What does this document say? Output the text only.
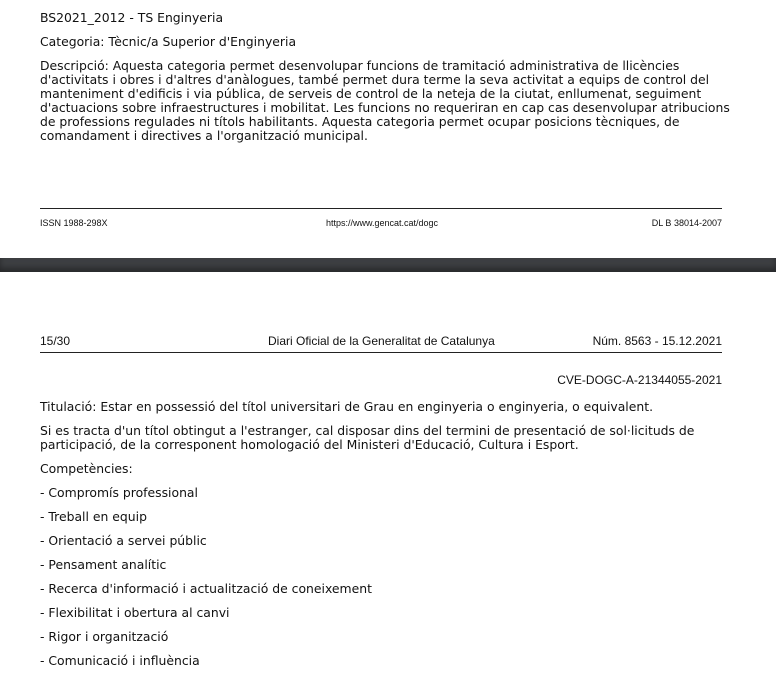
BS2021_2012 - TS Enginyeria
Categoria: Tècnic/a Superior d'Enginyeria
Descripció: Aquesta categoria permet desenvolupar funcions de tramitació administrativa de llicències
d'activitats i obres i d'altres d'anàlogues, també permet dura terme la seva activitat a equips de control del
manteniment d'edificis i via pública, de serveis de control de la neteja de la ciutat, enllumenat, seguiment
d'actuacions sobre infraestructures i mobilitat. Les funcions no requeriran en cap cas desenvolupar atribucions
de professions regulades ni títols habilitants. Aquesta categoria permet ocupar posicions tècniques, de
comandament i directives a l'organització municipal.
ISSN 1988-298X	https://www.gencat.cat/dogc	DL B 38014-2007
15/30	Diari Oficial de la Generalitat de Catalunya	Núm. 8563 - 15.12.2021
CVE-DOGC-A-21344055-2021
Titulació: Estar en possessió del títol universitari de Grau en enginyeria o enginyeria, o equivalent.
Si es tracta d'un títol obtingut a l'estranger, cal disposar dins del termini de presentació de sol·licituds de
participació, de la corresponent homologació del Ministeri d'Educació, Cultura i Esport.
Competències:
- Compromís professional
- Treball en equip
- Orientació a servei públic
- Pensament analític
- Recerca d'informació i actualització de coneixement
- Flexibilitat i obertura al canvi
- Rigor i organització
- Comunicació i influència
